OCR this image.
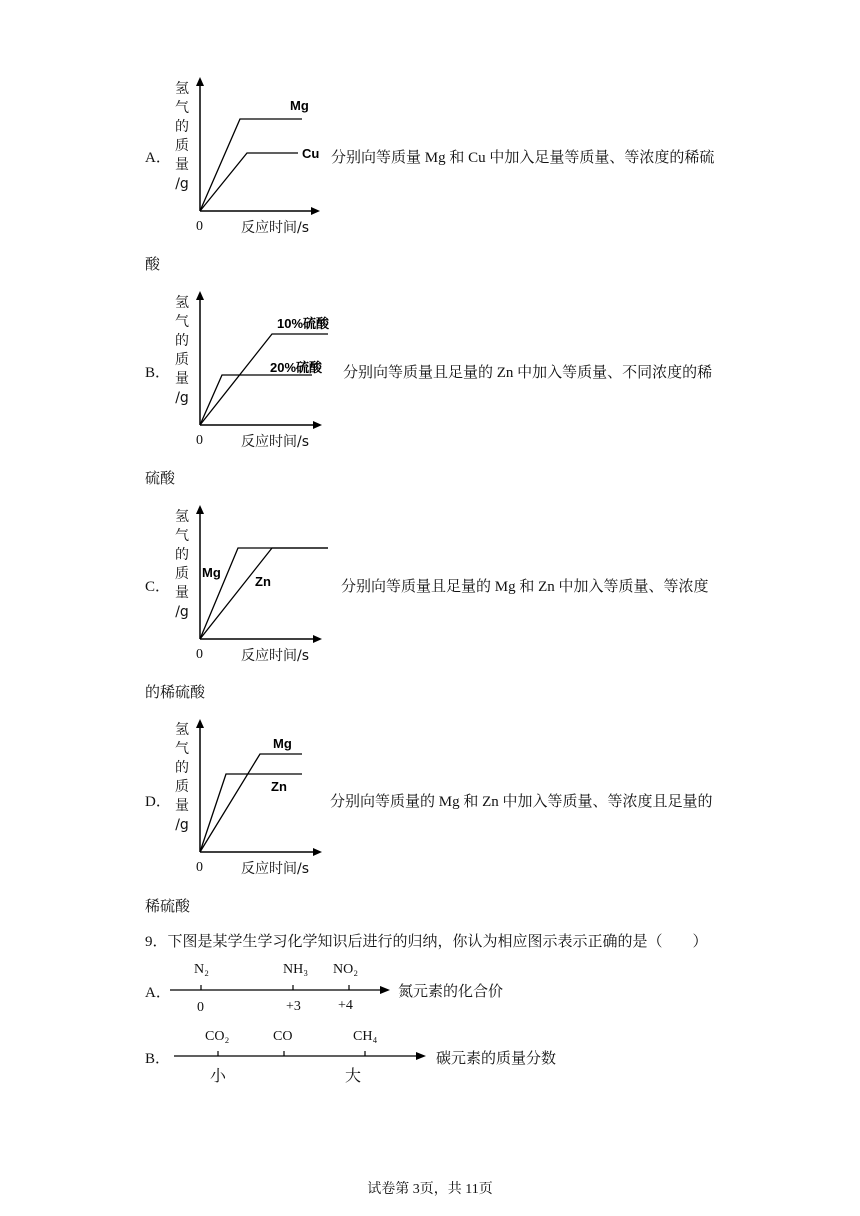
氢
气
的
质
量
/g
Mg
Cu
0	反应时间/s
A．	分别向等质量 Mg 和 Cu 中加入足量等质量、等浓度的稀硫
酸
氢
气
的
质
量
/g
10%硫酸
20%硫酸
0	反应时间/s
B．	分别向等质量且足量的 Zn 中加入等质量、不同浓度的稀
硫酸
氢
气
的
质
量
/g
Mg
Zn
0	反应时间/s
C．	分别向等质量且足量的 Mg 和 Zn 中加入等质量、等浓度
的稀硫酸
氢
气
的
质
量
/g
Mg
Zn
0	反应时间/s
D．	分别向等质量的 Mg 和 Zn 中加入等质量、等浓度且足量的
稀硫酸
9．下图是某学生学习化学知识后进行的归纳，你认为相应图示表示正确的是（　　）
A．
N₂	NH₃ NO₂
0	+3	+4
氮元素的化合价
B．
CO₂	CO	CH₄
小	大
碳元素的质量分数
试卷第 3页，共 11页
